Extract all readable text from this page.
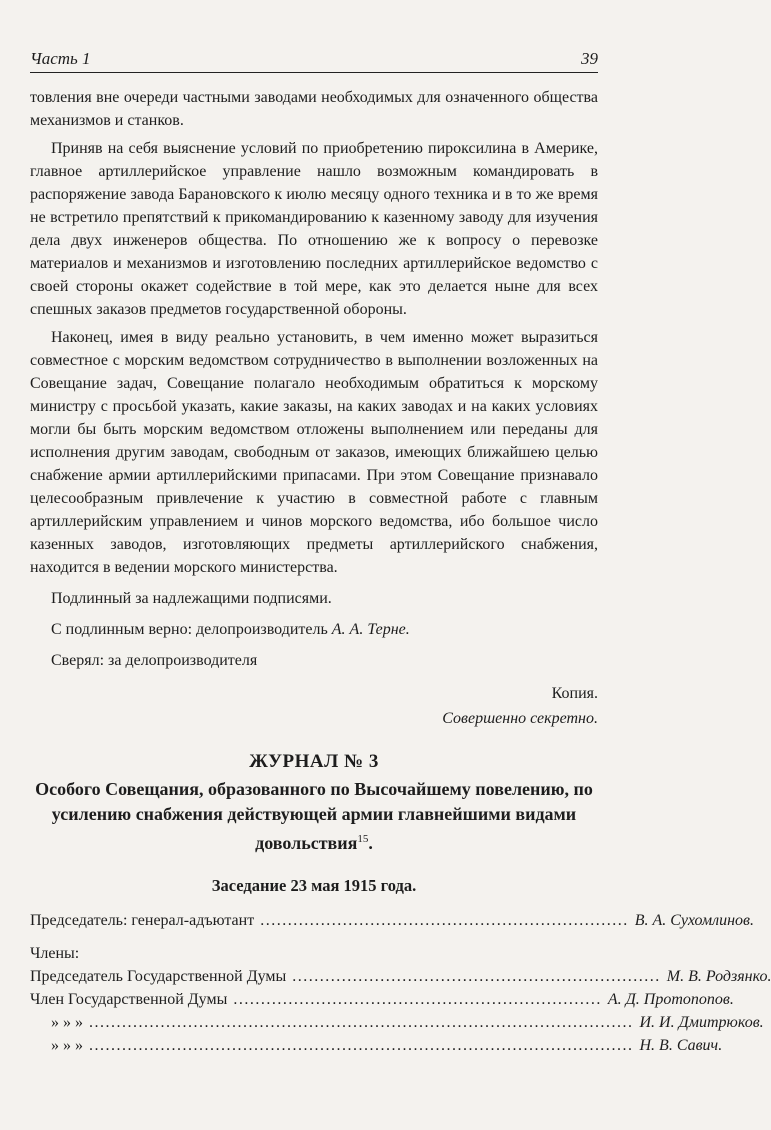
Часть 1	39

товления вне очереди частными заводами необходимых для означенного общества механизмов и станков.

Приняв на себя выяснение условий по приобретению пироксилина в Америке, главное артиллерийское управление нашло возможным командировать в распоряжение завода Барановского к июлю месяцу одного техника и в то же время не встретило препятствий к прикомандированию к казенному заводу для изучения дела двух инженеров общества. По отношению же к вопросу о перевозке материалов и механизмов и изготовлению последних артиллерийское ведомство с своей стороны окажет содействие в той мере, как это делается ныне для всех спешных заказов предметов государственной обороны.

Наконец, имея в виду реально установить, в чем именно может выразиться совместное с морским ведомством сотрудничество в выполнении возложенных на Совещание задач, Совещание полагало необходимым обратиться к морскому министру с просьбой указать, какие заказы, на каких заводах и на каких условиях могли бы быть морским ведомством отложены выполнением или переданы для исполнения другим заводам, свободным от заказов, имеющих ближайшею целью снабжение армии артиллерийскими припасами. При этом Совещание признавало целесообразным привлечение к участию в совместной работе с главным артиллерийским управлением и чинов морского ведомства, ибо большое число казенных заводов, изготовляющих предметы артиллерийского снабжения, находится в ведении морского министерства.

Подлинный за надлежащими подписями.
С подлинным верно: делопроизводитель А. А. Терне.
Сверял: за делопроизводителя
Копия.
Совершенно секретно.
ЖУРНАЛ № 3
Особого Совещания, образованного по Высочайшему повелению, по усилению снабжения действующей армии главнейшими видами довольствия$^{15}$.
Заседание 23 мая 1915 года.
Председатель: генерал-адъютант ................................................................... В. А. Сухомлинов.
Члены:
Председатель Государственной Думы ................................................................... М. В. Родзянко.
Член Государственной Думы ................................................................... А. Д. Протопопов.
» » » ................................................................................................... И. И. Дмитрюков.
» » » ................................................................................................... Н. В. Савич.
